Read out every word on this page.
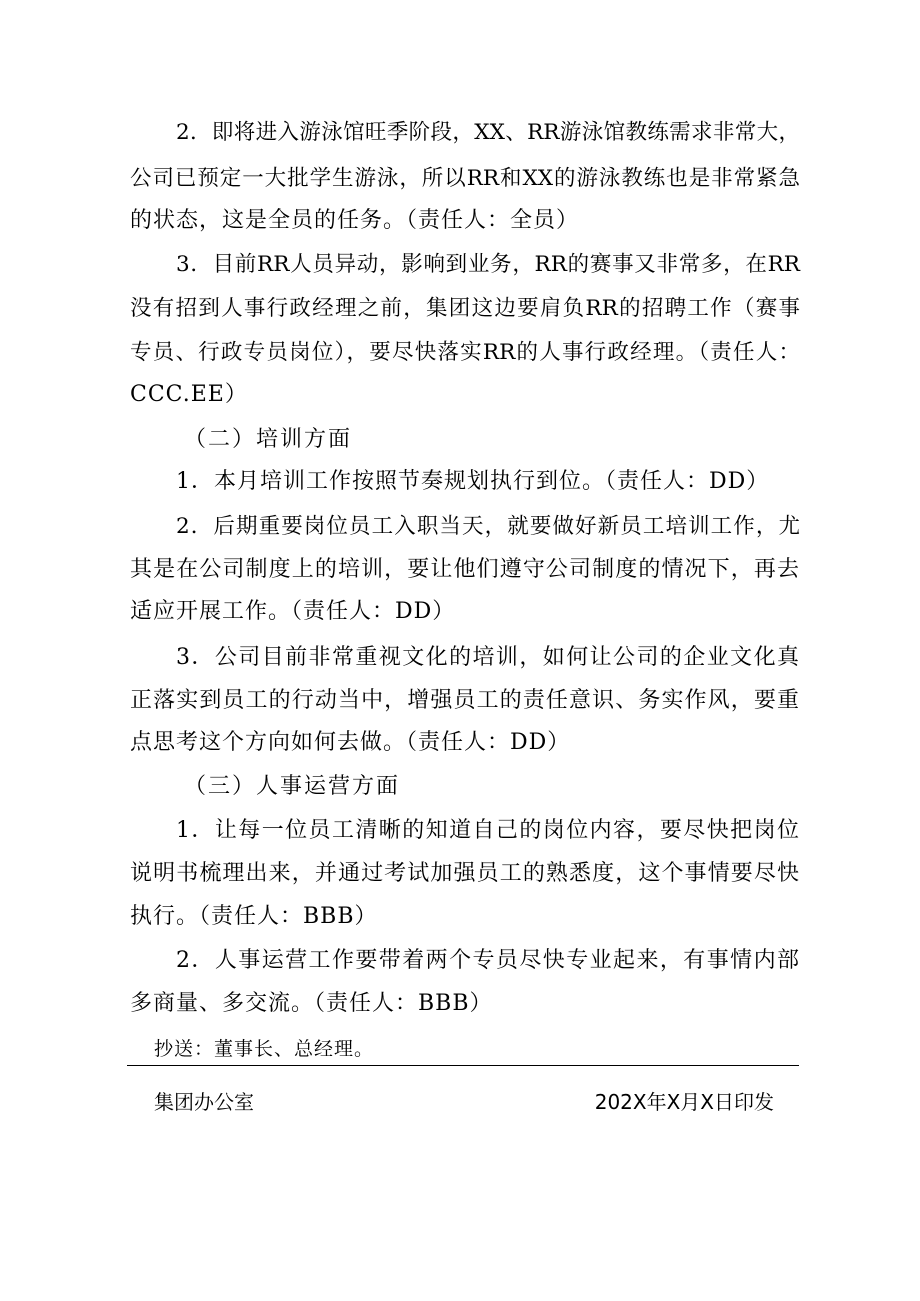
2．即将进入游泳馆旺季阶段，XX、RR游泳馆教练需求非常大，
公司已预定一大批学生游泳，所以RR和XX的游泳教练也是非常紧急
的状态，这是全员的任务。（责任人：全员）
3．目前RR人员异动，影响到业务，RR的赛事又非常多，在RR
没有招到人事行政经理之前，集团这边要肩负RR的招聘工作（赛事
专员、行政专员岗位），要尽快落实RR的人事行政经理。（责任人：
CCC.EE）
（二）培训方面
1．本月培训工作按照节奏规划执行到位。（责任人：DD）
2．后期重要岗位员工入职当天，就要做好新员工培训工作，尤
其是在公司制度上的培训，要让他们遵守公司制度的情况下，再去
适应开展工作。（责任人：DD）
3．公司目前非常重视文化的培训，如何让公司的企业文化真
正落实到员工的行动当中，增强员工的责任意识、务实作风，要重
点思考这个方向如何去做。（责任人：DD）
（三）人事运营方面
1．让每一位员工清晰的知道自己的岗位内容，要尽快把岗位
说明书梳理出来，并通过考试加强员工的熟悉度，这个事情要尽快
执行。（责任人：BBB）
2．人事运营工作要带着两个专员尽快专业起来，有事情内部
多商量、多交流。（责任人：BBB）
抄送：董事长、总经理。
集团办公室	202X年X月X日印发
